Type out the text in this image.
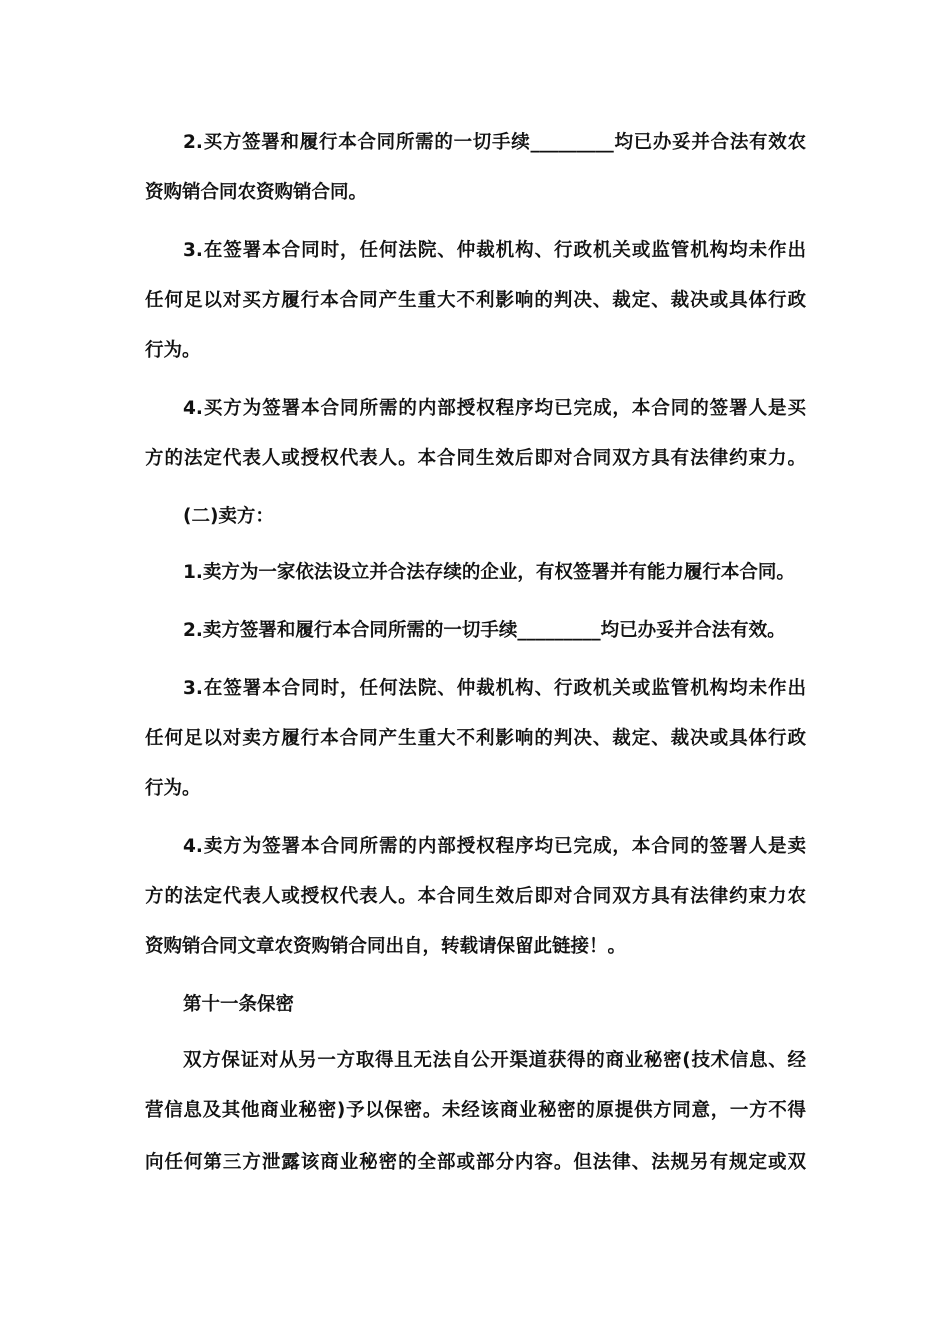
2.买方签署和履行本合同所需的一切手续_________均已办妥并合法有效农
资购销合同农资购销合同。
3.在签署本合同时，任何法院、仲裁机构、行政机关或监管机构均未作出
任何足以对买方履行本合同产生重大不利影响的判决、裁定、裁决或具体行政
行为。
4.买方为签署本合同所需的内部授权程序均已完成，本合同的签署人是买
方的法定代表人或授权代表人。本合同生效后即对合同双方具有法律约束力。
(二)卖方：
1.卖方为一家依法设立并合法存续的企业，有权签署并有能力履行本合同。
2.卖方签署和履行本合同所需的一切手续_________均已办妥并合法有效。
3.在签署本合同时，任何法院、仲裁机构、行政机关或监管机构均未作出
任何足以对卖方履行本合同产生重大不利影响的判决、裁定、裁决或具体行政
行为。
4.卖方为签署本合同所需的内部授权程序均已完成，本合同的签署人是卖
方的法定代表人或授权代表人。本合同生效后即对合同双方具有法律约束力农
资购销合同文章农资购销合同出自，转载请保留此链接！。
第十一条保密
双方保证对从另一方取得且无法自公开渠道获得的商业秘密(技术信息、经
营信息及其他商业秘密)予以保密。未经该商业秘密的原提供方同意，一方不得
向任何第三方泄露该商业秘密的全部或部分内容。但法律、法规另有规定或双
